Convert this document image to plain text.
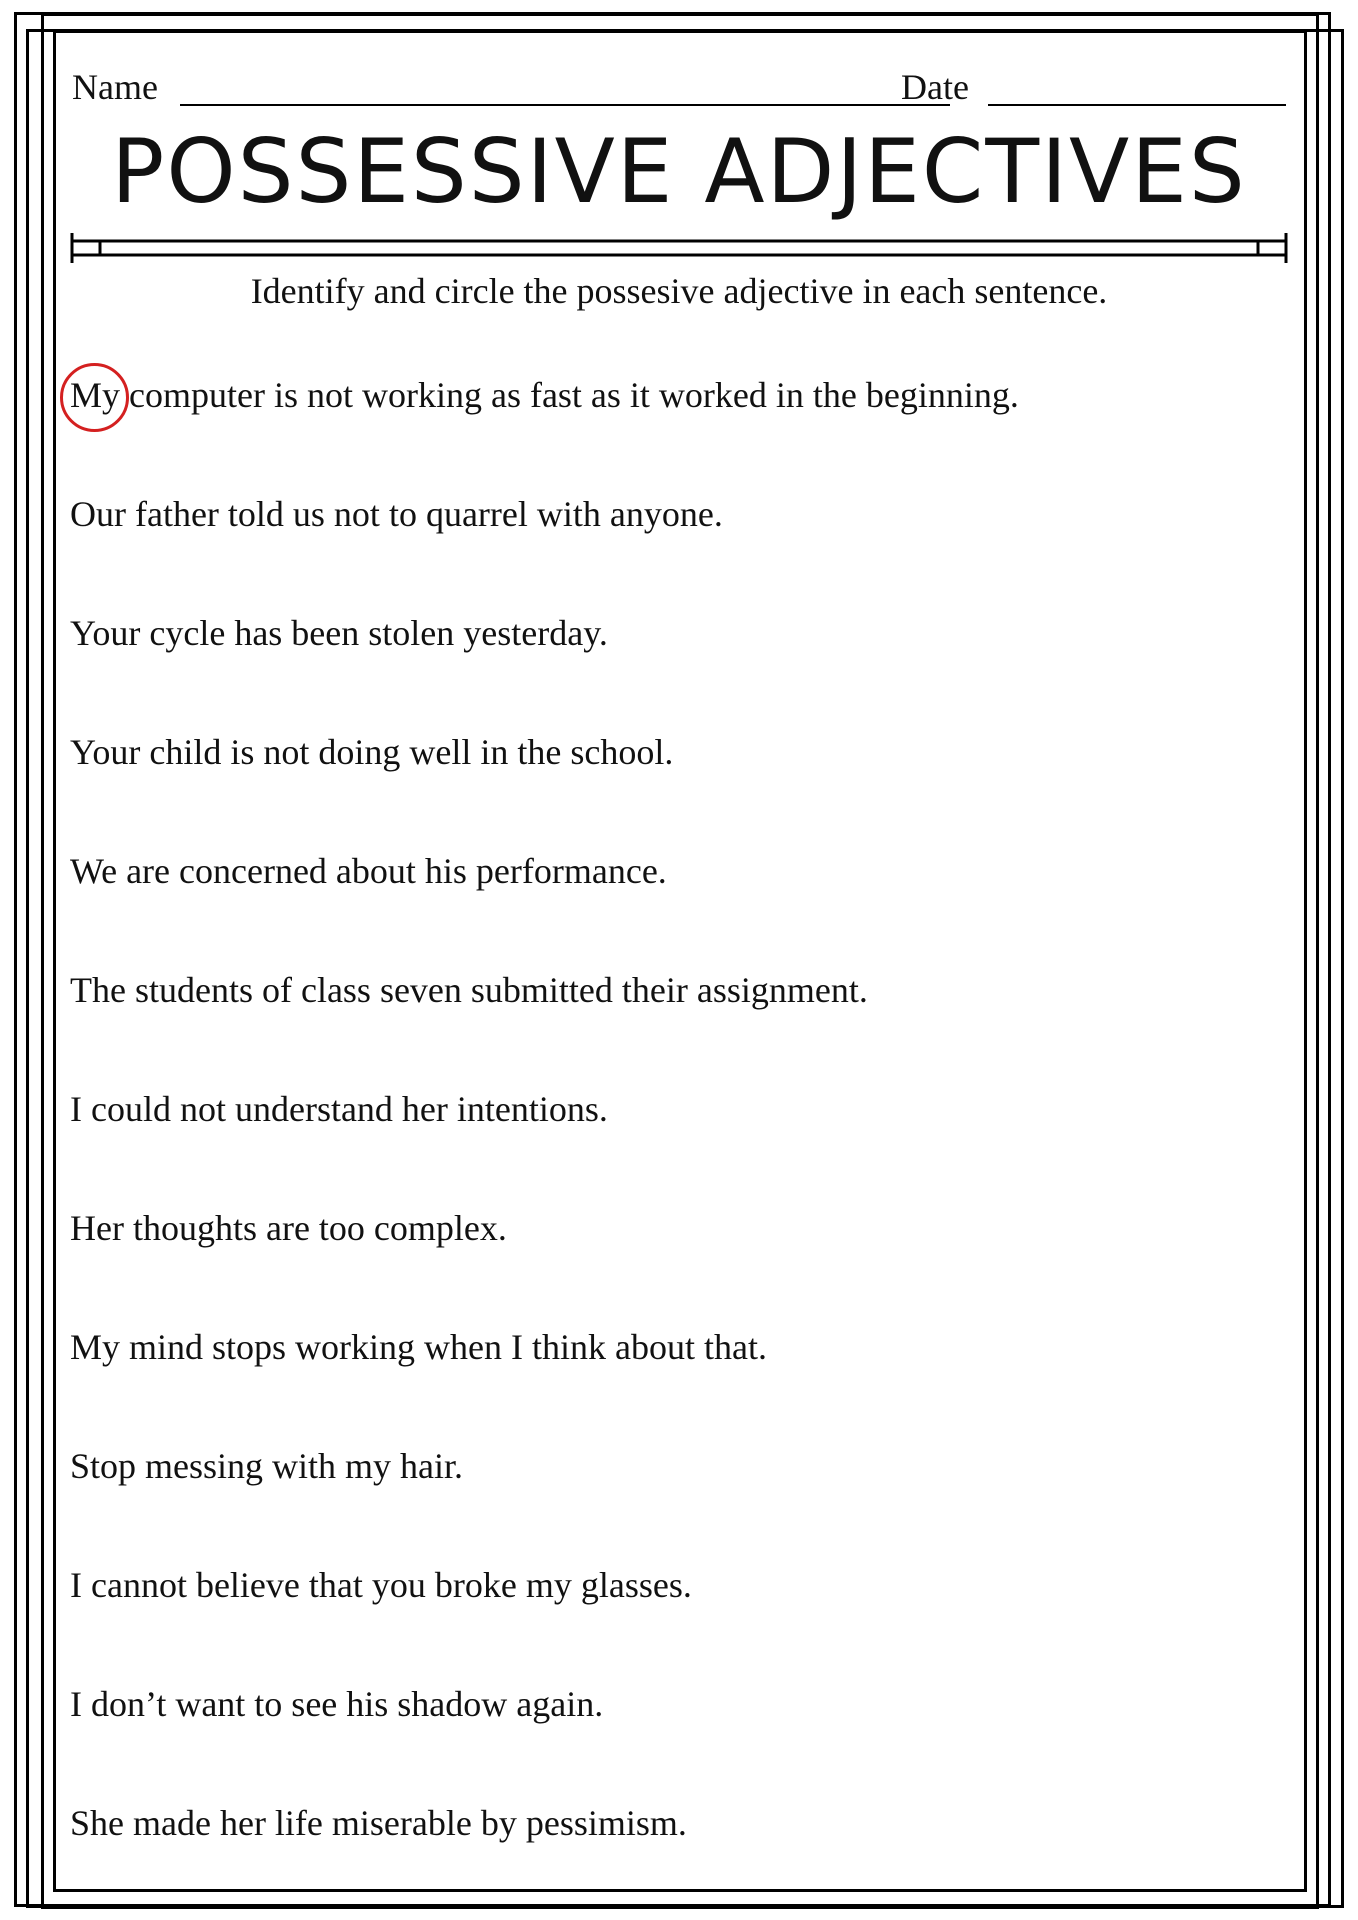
Name	Date
POSSESSIVE ADJECTIVES
Identify and circle the possesive adjective in each sentence.
My
computer is not working as fast as it worked in the beginning.
Our father told us not to quarrel with anyone.
Your cycle has been stolen yesterday.
Your child is not doing well in the school.
We are concerned about his performance.
The students of class seven submitted their assignment.
I could not understand her intentions.
Her thoughts are too complex.
My mind stops working when I think about that.
Stop messing with my hair.
I cannot believe that you broke my glasses.
I don’t want to see his shadow again.
She made her life miserable by pessimism.
